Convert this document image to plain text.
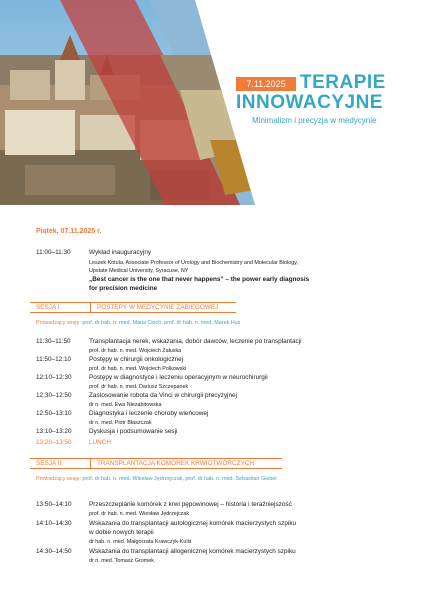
7.11.2025 TERAPIE
INNOWACYJNE
Minimalizm i precyzja w medycynie
Piątek, 07.11.2025 r.
11:00–11:30	Wykład inauguracyjny
Leszek Kotula, Associate Professor of Urology and Biochemistry and Molecular Biology,
Upstate Medical University, Syracuse, NY
„Best cancer is the one that never happens” – the power early diagnosis
for precision medicine
SESJA I	POSTĘPY W MEDYCYNIE ZABIEGOWEJ
Prowadzący sesję: prof. dr hab. n. med. Maria Cioch, prof. dr hab. n. med. Marek Hus
11:30–11:50	Transplantacja nerek, wskazania, dobór dawców, leczenie po transplantacji
prof. dr hab. n. med. Wojciech Załuska
11:50–12:10	Postępy w chirurgii onkologicznej
prof. dr hab. n. med. Wojciech Polkowski
12:10–12:30	Postępy w diagnostyce i leczeniu operacyjnym w neurochirurgii
prof. dr hab. n. med. Dariusz Szczepanek
12:30–12:50	Zastosowanie robota da Vinci w chirurgii precyzyjnej
dr n. med. Ewa Niezabitowska
12:50–13:10	Diagnostyka i leczenie choroby wieńcowej
dr n. med. Piotr Błaszczak
13:10–13:20	Dyskusja i podsumowanie sesji
13:20–13:50	LUNCH
SESJA II	TRANSPLANTACJA KOMÓREK KRWIOTWÓRCZYCH
Prowadzący sesję: prof. dr hab. n. med. Wiesław Jędrzejczak, prof. dr hab. n. med. Sebastian Giebel
13:50–14:10	Przeszczepianie komórek z krwi pępowinowej – historia i teraźniejszość
prof. dr hab. n. med. Wiesław Jędrzejczak
14:10–14:30	Wskazania do transplantacji autologicznej komórek macierzystych szpiku
w dobie nowych terapii
dr hab. n. med. Małgorzata Krawczyk-Kuliś
14:30–14:50	Wskazania do transplantacji allogenicznej komórek macierzystych szpiku
dr n. med. Tomasz Gromek
